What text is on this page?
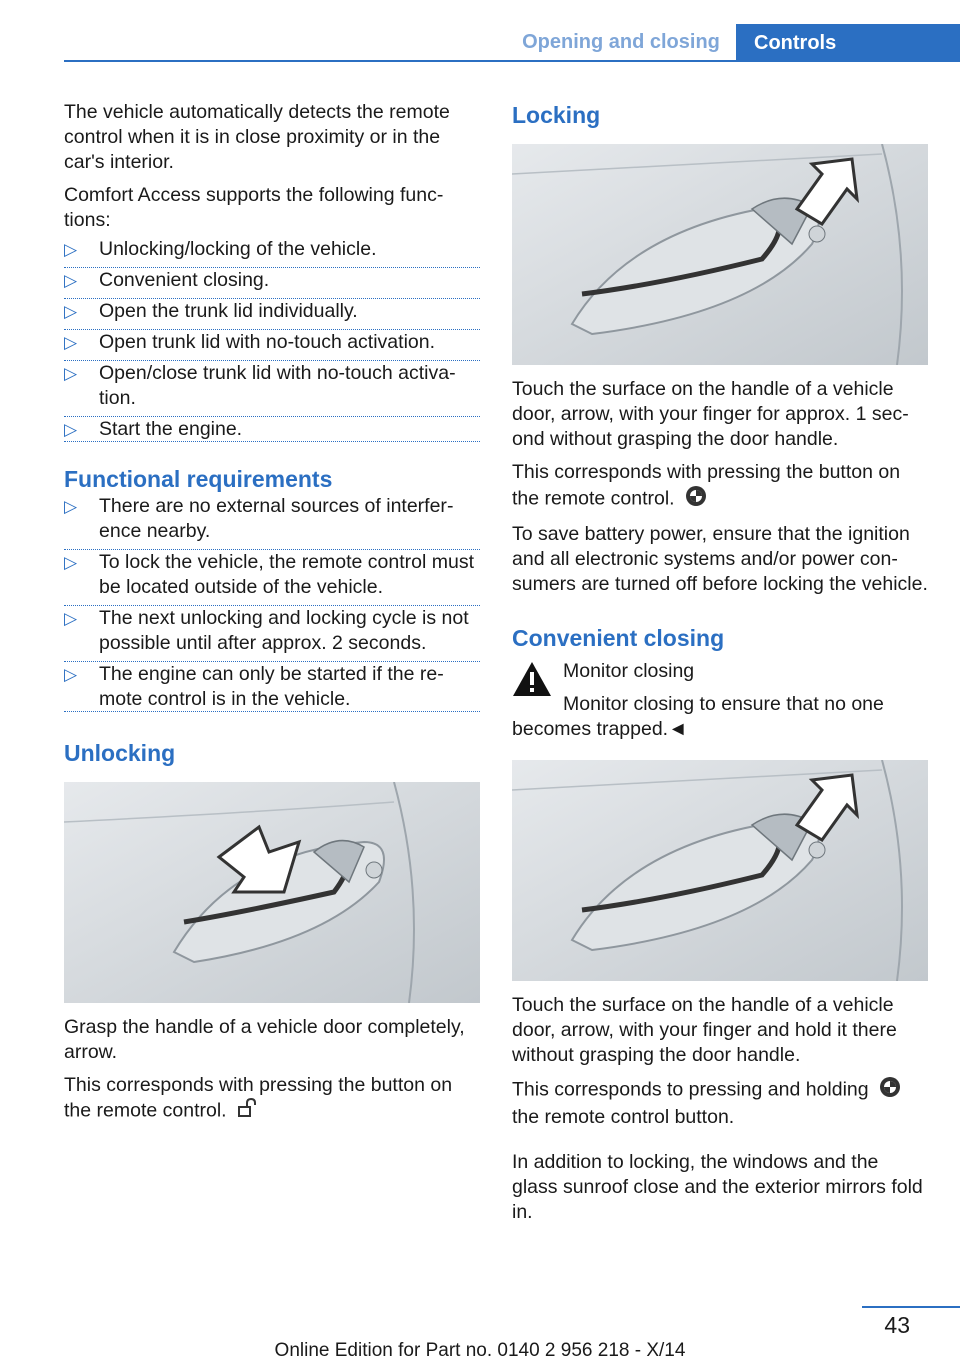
Opening and closing	Controls

The vehicle automatically detects the remote control when it is in close proximity or in the car's interior.

Comfort Access supports the following functions:

▷ Unlocking/locking of the vehicle.
▷ Convenient closing.
▷ Open the trunk lid individually.
▷ Open trunk lid with no-touch activation.
▷ Open/close trunk lid with no-touch activation.
▷ Start the engine.
Functional requirements
▷ There are no external sources of interference nearby.
▷ To lock the vehicle, the remote control must be located outside of the vehicle.
▷ The next unlocking and locking cycle is not possible until after approx. 2 seconds.
▷ The engine can only be started if the remote control is in the vehicle.
Unlocking

Grasp the handle of a vehicle door completely, arrow.

This corresponds with pressing the button on the remote control.

Locking

Touch the surface on the handle of a vehicle door, arrow, with your finger for approx. 1 second without grasping the door handle.

This corresponds with pressing the button on the remote control.

To save battery power, ensure that the ignition and all electronic systems and/or power consumers are turned off before locking the vehicle.

Convenient closing

Monitor closing

Monitor closing to ensure that no one becomes trapped.◄

Touch the surface on the handle of a vehicle door, arrow, with your finger and hold it there without grasping the door handle.

This corresponds to pressing and holding
the remote control button.

In addition to locking, the windows and the glass sunroof close and the exterior mirrors fold in.

43
Online Edition for Part no. 0140 2 956 218 - X/14
